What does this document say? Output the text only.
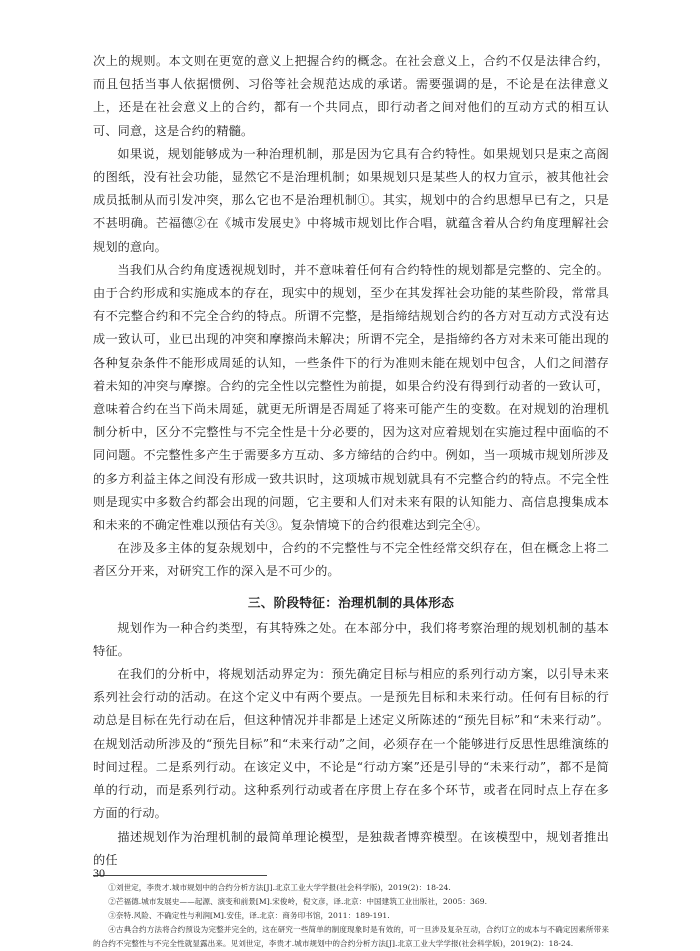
次上的规则。本文则在更宽的意义上把握合约的概念。在社会意义上，合约不仅是法律合约，而且包括当事人依据惯例、习俗等社会规范达成的承诺。需要强调的是，不论是在法律意义上，还是在社会意义上的合约，都有一个共同点，即行动者之间对他们的互动方式的相互认可、同意，这是合约的精髓。

如果说，规划能够成为一种治理机制，那是因为它具有合约特性。如果规划只是束之高阁的图纸，没有社会功能，显然它不是治理机制；如果规划只是某些人的权力宣示，被其他社会成员抵制从而引发冲突，那么它也不是治理机制①。其实，规划中的合约思想早已有之，只是不甚明确。芒福德②在《城市发展史》中将城市规划比作合唱，就蕴含着从合约角度理解社会规划的意向。

当我们从合约角度透视规划时，并不意味着任何有合约特性的规划都是完整的、完全的。由于合约形成和实施成本的存在，现实中的规划，至少在其发挥社会功能的某些阶段，常常具有不完整合约和不完全合约的特点。所谓不完整，是指缔结规划合约的各方对互动方式没有达成一致认可，业已出现的冲突和摩擦尚未解决；所谓不完全，是指缔约各方对未来可能出现的各种复杂条件不能形成周延的认知，一些条件下的行为准则未能在规划中包含，人们之间潜存着未知的冲突与摩擦。合约的完全性以完整性为前提，如果合约没有得到行动者的一致认可，意味着合约在当下尚未周延，就更无所谓是否周延了将来可能产生的变数。在对规划的治理机制分析中，区分不完整性与不完全性是十分必要的，因为这对应着规划在实施过程中面临的不同问题。不完整性多产生于需要多方互动、多方缔结的合约中。例如，当一项城市规划所涉及的多方利益主体之间没有形成一致共识时，这项城市规划就具有不完整合约的特点。不完全性则是现实中多数合约都会出现的问题，它主要和人们对未来有限的认知能力、高信息搜集成本和未来的不确定性难以预估有关③。复杂情境下的合约很难达到完全④。

在涉及多主体的复杂规划中，合约的不完整性与不完全性经常交织存在，但在概念上将二者区分开来，对研究工作的深入是不可少的。

三、阶段特征：治理机制的具体形态

规划作为一种合约类型，有其特殊之处。在本部分中，我们将考察治理的规划机制的基本特征。

在我们的分析中，将规划活动界定为：预先确定目标与相应的系列行动方案，以引导未来系列社会行动的活动。在这个定义中有两个要点。一是预先目标和未来行动。任何有目标的行动总是目标在先行动在后，但这种情况并非都是上述定义所陈述的“预先目标”和“未来行动”。在规划活动所涉及的“预先目标”和“未来行动”之间，必须存在一个能够进行反思性思维演练的时间过程。二是系列行动。在该定义中，不论是“行动方案”还是引导的“未来行动”，都不是简单的行动，而是系列行动。这种系列行动或者在序贯上存在多个环节，或者在同时点上存在多方面的行动。

描述规划作为治理机制的最简单理论模型，是独裁者博弈模型。在该模型中，规划者推出的任

①刘世定，李贵才.城市规划中的合约分析方法[J].北京工业大学学报(社会科学版)，2019(2)：18-24.

②芒福德.城市发展史——起源、演变和前景[M].宋俊岭，倪文彦，译.北京：中国建筑工业出版社，2005：369.

③奈特.风险、不确定性与利润[M].安佳，译.北京：商务印书馆，2011：189-191.

④古典合约方法将合约预设为完整并完全的，这在研究一些简单的制度现象时是有效的，可一旦涉及复杂互动，合约订立的成本与不确定因素所带来的合约不完整性与不完全性就显露出来。见刘世定，李贵才.城市规划中的合约分析方法[J].北京工业大学学报(社会科学版)，2019(2)：18-24.

30
